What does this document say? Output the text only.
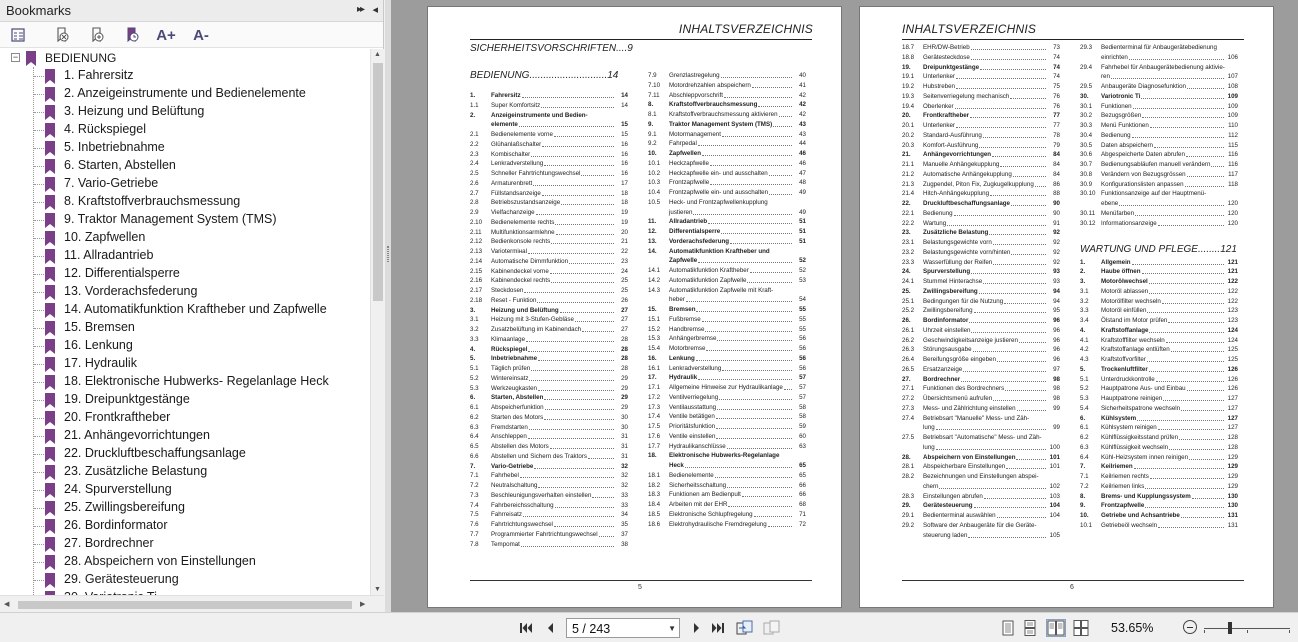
Bookmarks	▸▸ ◂
A+ A-
− BEDIENUNG
1. Fahrersitz
2. Anzeigeinstrumente und Bedienelemente
3. Heizung und Belüftung
4. Rückspiegel
5. Inbetriebnahme
6. Starten, Abstellen
7. Vario-Getriebe
8. Kraftstoffverbrauchsmessung
9. Traktor Management System (TMS)
10. Zapfwellen
11. Allradantrieb
12. Differentialsperre
13. Vorderachsfederung
14. Automatikfunktion Kraftheber und Zapfwelle
15. Bremsen
16. Lenkung
17. Hydraulik
18. Elektronische Hubwerks- Regelanlage Heck
19. Dreipunktgestänge
20. Frontkraftheber
21. Anhängevorrichtungen
22. Druckluftbeschaffungsanlage
23. Zusätzliche Belastung
24. Spurverstellung
25. Zwillingsbereifung
26. Bordinformator
27. Bordrechner
28. Abspeichern von Einstellungen
29. Gerätesteuerung
▲
▼
◀	▶
INHALTSVERZEICHNIS
SICHERHEITSVORSCHRIFTEN....9
BEDIENUNG............................14
1.	Fahrersitz	14
1.1	Super Komfortsitz	14
2.	Anzeigeinstrumente und Bedien-
elemente	15
2.1	Bedienelemente vorne	15
2.2	Glühanlaßschalter	16
2.3	Kombischalter	16
2.4	Lenkradverstellung	16
2.5	Schneller Fahrtrichtungswechsel	16
2.6	Armaturenbrett	17
2.7	Füllstandsanzeige	18
2.8	Betriebszustandsanzeige	18
2.9	Vielfachanzeige	19
2.10	Bedienelemente rechts	19
2.11	Multifunktionsarmlehne	20
2.12	Bedienkonsole rechts	21
2.13	Variotermінal	22
2.14	Automatische Dimmfunktion	23
2.15	Kabinendeckel vorne	24
2.16	Kabinendeckel rechts	25
2.17	Steckdosen	25
2.18	Reset - Funktion	26
3.	Heizung und Belüftung	27
3.1	Heizung mit 3-Stufen-Gebläse	27
3.2	Zusatzbelüftung im Kabinendach	27
3.3	Klimaanlage	28
4.	Rückspiegel	28
5.	Inbetriebnahme	28
5.1	Täglich prüfen	28
5.2	Wintereinsatz	29
5.3	Werkzeugkasten	29
6.	Starten, Abstellen	29
6.1	Abspeicherfunktion	29
6.2	Starten des Motors	30
6.3	Fremdstarten	30
6.4	Anschleppen	31
6.5	Abstellen des Motors	31
6.6	Abstellen und Sichern des Traktors	31
7.	Vario-Getriebe	32
7.1	Fahrhebel	32
7.2	Neutralschaltung	32
7.3	Beschleunigungsverhalten einstellen	33
7.4	Fahrbereichsschaltung	33
7.5	Fahrreisatz	34
7.6	Fahrtrichtungswechsel	35
7.7	Programmierter Fahrtrichtungswechsel	37
7.8	Tempomat	38
7.9	Grenzlastregelung	40
7.10	Motordrehzahlen abspeichern	41
7.11	Abschleppvorschrift	42
8.	Kraftstoffverbrauchsmessung	42
8.1	Kraftstoffverbrauchsmessung aktivieren	42
9.	Traktor Management System (TMS)	43
9.1	Motormanagement	43
9.2	Fahrpedal	44
10.	Zapfwellen	46
10.1	Heckzapfwelle	46
10.2	Heckzapfwelle ein- und ausschalten	47
10.3	Frontzapfwelle	48
10.4	Frontzapfwelle ein- und ausschalten	49
10.5	Heck- und Frontzapfwellenkupplung
justieren	49
11.	Allradantrieb	51
12.	Differentialsperre	51
13.	Vorderachsfederung	51
14.	Automatikfunktion Kraftheber und
Zapfwelle	52
14.1	Automatikfunktion Kraftheber	52
14.2	Automatikfunktion Zapfwelle	53
14.3	Automatikfunktion Zapfwelle mit Kraft-
heber	54
15.	Bremsen	55
15.1	Fußbremse	55
15.2	Handbremse	55
15.3	Anhängerbremse	56
15.4	Motorbremse	56
16.	Lenkung	56
16.1	Lenkradverstellung	56
17.	Hydraulik	57
17.1	Allgemeine Hinweise zur Hydraulikanlage	57
17.2	Ventilverriegelung	57
17.3	Ventilausstattung	58
17.4	Ventile betätigen	58
17.5	Prioritätsfunktion	59
17.6	Ventile einstellen	60
17.7	Hydraulikanschlüsse	63
18.	Elektronische Hubwerks-Regelanlage
Heck	65
18.1	Bedienelemente	65
18.2	Sicherheitsschaltung	66
18.3	Funktionen am Bedienpult	66
18.4	Arbeiten mit der EHR	68
18.5	Elektronische Schlupfregelung	71
18.6	Elektrohydraulische Fremdregelung	72
5
INHALTSVERZEICHNIS
18.7	EHR/DW-Betrieb	73
18.8	Gerätesteckdose	74
19.	Dreipunktgestänge	74
19.1	Unterlenker	74
19.2	Hubstreben	75
19.3	Seitenverriegelung mechanisch	76
19.4	Oberlenker	76
20.	Frontkraftheber	77
20.1	Unterlenker	77
20.2	Standard-Ausführung	78
20.3	Komfort-Ausführung	79
21.	Anhängevorrichtungen	84
21.1	Manuelle Anhängekupplung	84
21.2	Automatische Anhängekupplung	84
21.3	Zugpendel, Piton Fix, Zugkugelkupplung	86
21.4	Hitch-Anhängekupplung	88
22.	Druckluftbeschaffungsanlage	90
22.1	Bedienung	90
22.2	Wartung	91
23.	Zusätzliche Belastung	92
23.1	Belastungsgewichte vorn	92
23.2	Belastungsgewichte vorn/hinten	92
23.3	Wasserfüllung der Reifen	92
24.	Spurverstellung	93
24.1	Stummel Hinterachse	93
25.	Zwillingsbereifung	94
25.1	Bedingungen für die Nutzung	94
25.2	Zwillingsbereifung	95
26.	Bordinformator	96
26.1	Uhrzeit einstellen	96
26.2	Geschwindigkeitsanzeige justieren	96
26.3	Störungsausgabe	96
26.4	Bereifungsgröße eingeben	96
26.5	Ersatzanzeige	97
27.	Bordrechner	98
27.1	Funktionen des Bordrechners	98
27.2	Übersichtsmenü aufrufen	98
27.3	Mess- und Zählrichtung einstellen	99
27.4	Betriebsart "Manuelle" Mess- und Zäh-
lung	99
27.5	Betriebsart "Automatische" Mess- und Zäh-
lung	100
28.	Abspeichern von Einstellungen	101
28.1	Abspeicherbare Einstellungen	101
28.2	Bezeichnungen und Einstellungen abspei-
chern	102
28.3	Einstellungen abrufen	103
29.	Gerätesteuerung	104
29.1	Bedienterminal auswählen	104
29.2	Software der Anbaugeräte für die Geräte-
steuerung laden	105
29.3	Bedienterminal für Anbaugerätebedienung
einrichten	106
29.4	Fahrhebel für Anbaugerätebedienung aktivie-
ren	107
29.5	Anbaugeräte Diagnosefunktion	108
30.	Variotronic Ti	109
30.1	Funktionen	109
30.2	Bezugsgrößen	109
30.3	Menü Funktionen	110
30.4	Bedienung	112
30.5	Daten abspeichern	115
30.6	Abgespeicherte Daten abrufen	116
30.7	Bedienungsabläufen manuell verändern	116
30.8	Verändern von Bezugsgrössen	117
30.9	Konfigurationslisten anpassen	118
30.10 Funktionsanzeige auf der Hauptmenü-
ebene	120
30.11 Menüfarben	120
30.12 Informationsanzeige	120
1.	Allgemein	121
2.	Haube öffnen	121
3.	Motorölwechsel	122
3.1	Motoröl ablassen	122
3.2	Motorölfilter wechseln	122
3.3	Motoröl einfüllen	123
3.4	Ölstand im Motor prüfen	123
4.	Kraftstoffanlage	124
4.1	Kraftstofffilter wechseln	124
4.2	Kraftstoffanlage entlüften	125
4.3	Kraftstoffvorfilter	125
5.	Trockenluftfilter	126
5.1	Unterdruckkontrolle	126
5.2	Hauptpatrone Aus- und Einbau	126
5.3	Hauptpatrone reinigen	127
5.4	Sicherheitspatrone wechseln	127
6.	Kühlsystem	127
6.1	Kühlsystem reinigen	127
6.2	Kühlflüssigkeitsstand prüfen	128
6.3	Kühlflüssigkeit wechseln	128
6.4	Kühl-Heizsystem innen reinigen	129
7.	Keilriemen	129
7.1	Keilriemen rechts	129
7.2	Keilriemen links	129
8.	Brems- und Kupplungssystem	130
9.	Frontzapfwelle	130
10.	Getriebe und Achsantriebe	131
10.1	Getriebeöl wechseln	131
WARTUNG UND PFLEGE........121
6
5 / 243	▼	53.65%
